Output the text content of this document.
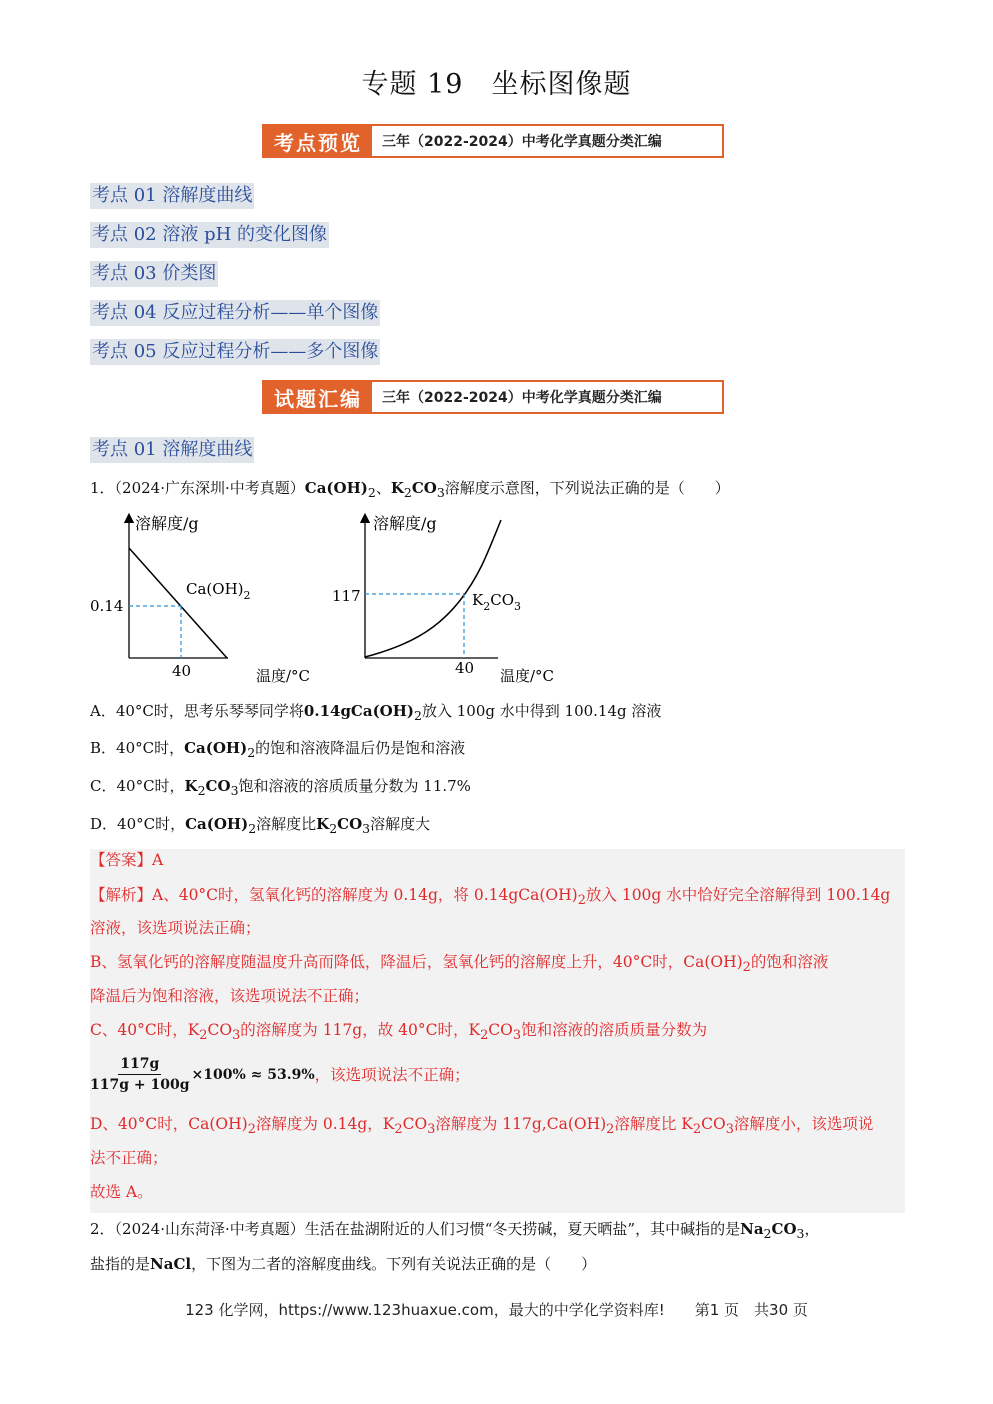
专题 19　坐标图像题
考点预览	三年（2022-2024）中考化学真题分类汇编
考点 01 溶解度曲线
考点 02 溶液 pH 的变化图像
考点 03 价类图
考点 04 反应过程分析——单个图像
考点 05 反应过程分析——多个图像
试题汇编	三年（2022-2024）中考化学真题分类汇编
考点 01 溶解度曲线
1．（2024·广东深圳·中考真题）$Ca(OH)_2$、$K_2CO_3$溶解度示意图，下列说法正确的是（　　）
溶解度/g
0.14
40
$Ca(OH)_2$
温度/°C
溶解度/g
117
40 温度/°C
$K_2CO_3$
A．40°C时，思考乐琴琴同学将$0.14gCa(OH)_2$放入 100g 水中得到 100.14g 溶液
B．40°C时，$Ca(OH)_2$的饱和溶液降温后仍是饱和溶液
C．40°C时，$K_2CO_3$饱和溶液的溶质质量分数为 11.7%
D．40°C时，$Ca(OH)_2$溶解度比$K_2CO_3$溶解度大
【答案】A
【解析】A、40°C时，氢氧化钙的溶解度为 0.14g，将 $0.14gCa(OH)_2$放入 100g 水中恰好完全溶解得到 100.14g
溶液，该选项说法正确；
B、氢氧化钙的溶解度随温度升高而降低，降温后，氢氧化钙的溶解度上升，40°C时，$Ca(OH)_2$的饱和溶液
降温后为饱和溶液，该选项说法不正确；
C、40°C时，$K_2CO_3$的溶解度为 117g，故 40°C时，$K_2CO_3$饱和溶液的溶质质量分数为
$\frac{117g}{117g + 100g} \times 100\% \approx 53.9\%$ ，该选项说法不正确；
D、40°C时，$Ca(OH)_2$溶解度为 0.14g，$K_2CO_3$溶解度为 $117g,Ca(OH)_2$溶解度比 $K_2CO_3$溶解度小，该选项说
法不正确；
故选 A。
2．（2024·山东菏泽·中考真题）生活在盐湖附近的人们习惯“冬天捞碱，夏天晒盐”，其中碱指的是$Na_2CO_3$，
盐指的是NaCl，下图为二者的溶解度曲线。下列有关说法正确的是（　　）
123 化学网，https://www.123huaxue.com，最大的中学化学资料库!　　第1 页　共30 页
